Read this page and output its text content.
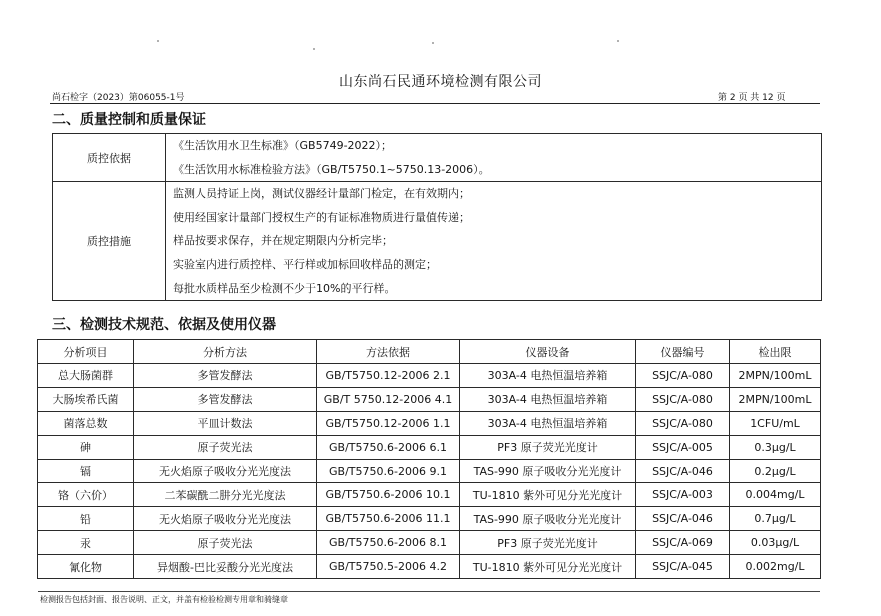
山东尚石民通环境检测有限公司
尚石检字（2023）第06055-1号	第 2 页 共 12 页
二、质量控制和质量保证
质控依据	《生活饮用水卫生标准》（GB5749-2022）；
《生活饮用水标准检验方法》（GB/T5750.1~5750.13-2006）。

质控措施	监测人员持证上岗，测试仪器经计量部门检定，在有效期内；
使用经国家计量部门授权生产的有证标准物质进行量值传递；
样品按要求保存，并在规定期限内分析完毕；
实验室内进行质控样、平行样或加标回收样品的测定；
每批水质样品至少检测不少于10%的平行样。
三、检测技术规范、依据及使用仪器
分析项目	分析方法	方法依据	仪器设备	仪器编号	检出限
总大肠菌群	多管发酵法	GB/T5750.12-2006 2.1	303A-4 电热恒温培养箱	SSJC/A-080	2MPN/100mL
大肠埃希氏菌	多管发酵法	GB/T 5750.12-2006 4.1	303A-4 电热恒温培养箱	SSJC/A-080	2MPN/100mL
菌落总数	平皿计数法	GB/T5750.12-2006 1.1	303A-4 电热恒温培养箱	SSJC/A-080	1CFU/mL
砷	原子荧光法	GB/T5750.6-2006 6.1	PF3 原子荧光光度计	SSJC/A-005	0.3μg/L
镉	无火焰原子吸收分光光度法	GB/T5750.6-2006 9.1	TAS-990 原子吸收分光光度计	SSJC/A-046	0.2μg/L
铬（六价）	二苯碳酰二肼分光光度法	GB/T5750.6-2006 10.1	TU-1810 紫外可见分光光度计	SSJC/A-003	0.004mg/L
铅	无火焰原子吸收分光光度法	GB/T5750.6-2006 11.1	TAS-990 原子吸收分光光度计	SSJC/A-046	0.7μg/L
汞	原子荧光法	GB/T5750.6-2006 8.1	PF3 原子荧光光度计	SSJC/A-069	0.03μg/L
氰化物	异烟酸-巴比妥酸分光光度法	GB/T5750.5-2006 4.2	TU-1810 紫外可见分光光度计	SSJC/A-045	0.002mg/L
检测报告包括封面、报告说明、正文，并盖有检验检测专用章和骑缝章
